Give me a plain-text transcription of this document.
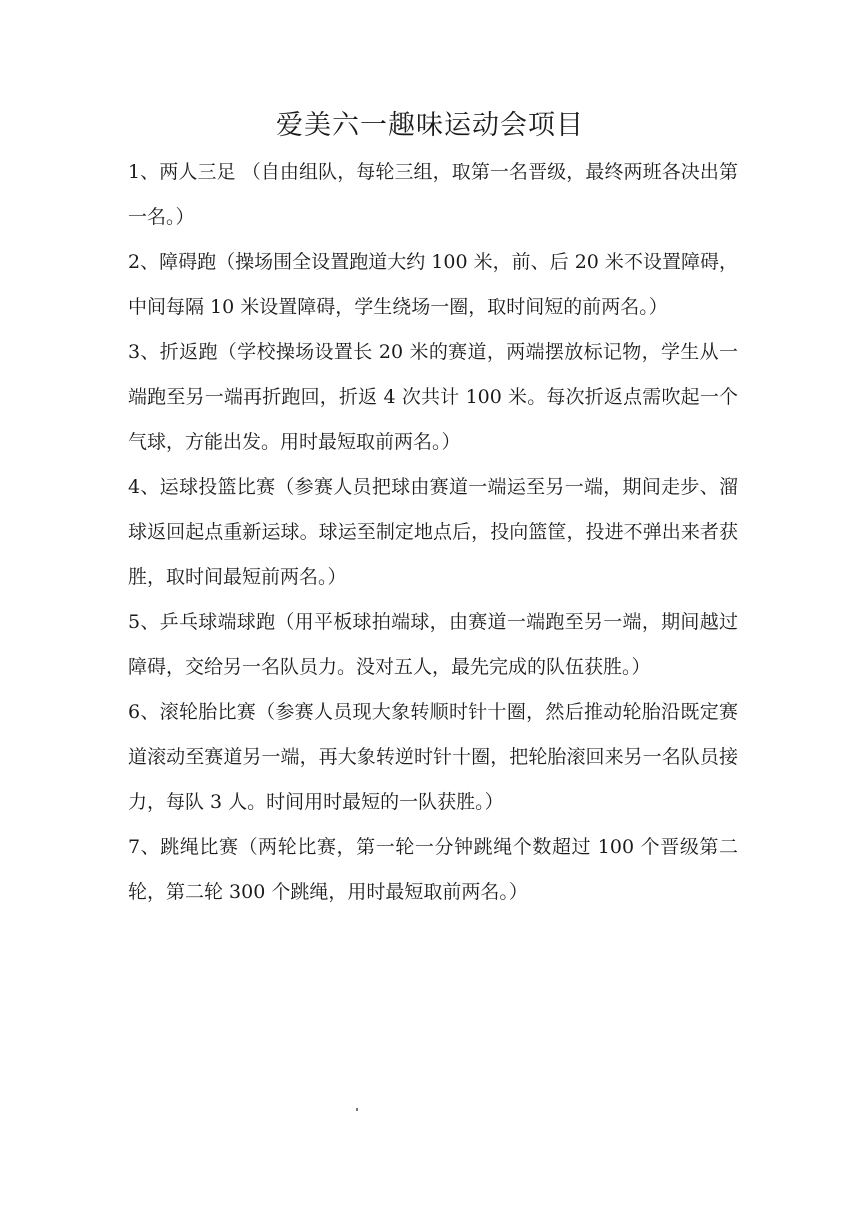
爱美六一趣味运动会项目
1、两人三足 （自由组队，每轮三组，取第一名晋级，最终两班各决出第一名。）
2、障碍跑（操场围全设置跑道大约 100 米，前、后 20 米不设置障碍，中间每隔 10 米设置障碍，学生绕场一圈，取时间短的前两名。）
3、折返跑（学校操场设置长 20 米的赛道，两端摆放标记物，学生从一端跑至另一端再折跑回，折返 4 次共计 100 米。每次折返点需吹起一个气球，方能出发。用时最短取前两名。）
4、运球投篮比赛（参赛人员把球由赛道一端运至另一端，期间走步、溜球返回起点重新运球。球运至制定地点后，投向篮筐，投进不弹出来者获胜，取时间最短前两名。）
5、乒乓球端球跑（用平板球拍端球，由赛道一端跑至另一端，期间越过障碍，交给另一名队员力。没对五人，最先完成的队伍获胜。）
6、滚轮胎比赛（参赛人员现大象转顺时针十圈，然后推动轮胎沿既定赛道滚动至赛道另一端，再大象转逆时针十圈，把轮胎滚回来另一名队员接力，每队 3 人。时间用时最短的一队获胜。）
7、跳绳比赛（两轮比赛，第一轮一分钟跳绳个数超过 100 个晋级第二轮，第二轮 300 个跳绳，用时最短取前两名。）
